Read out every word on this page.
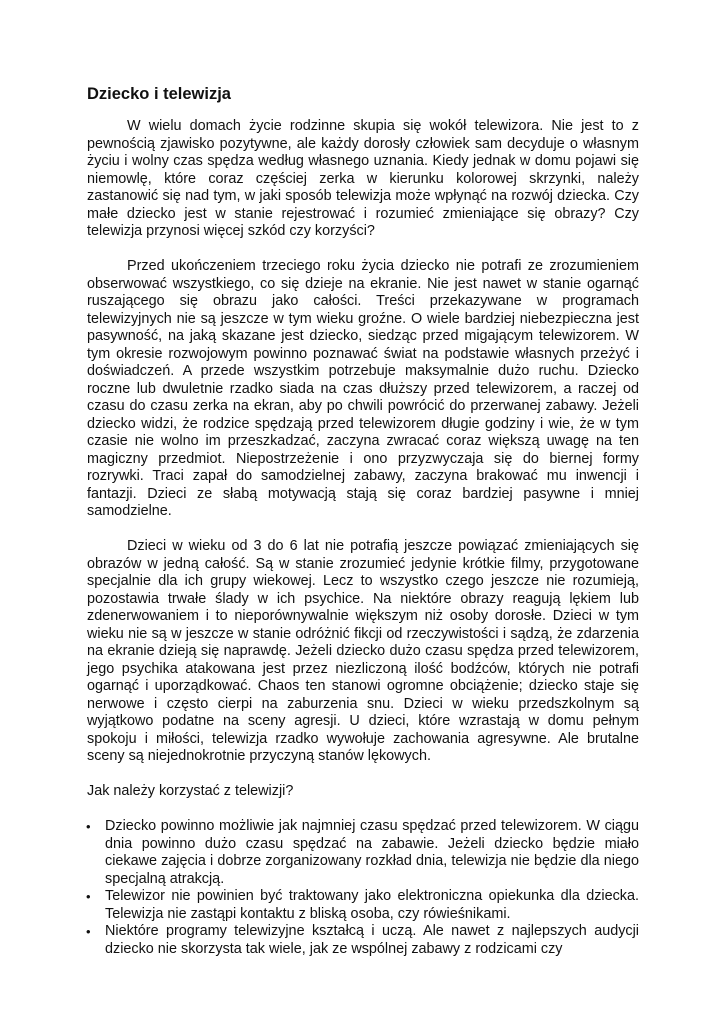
Dziecko i telewizja

W wielu domach życie rodzinne skupia się wokół telewizora. Nie jest to z pewnością zjawisko pozytywne, ale każdy dorosły człowiek sam decyduje o własnym życiu i wolny czas spędza według własnego uznania. Kiedy jednak w domu pojawi się niemowlę, które coraz częściej zerka w kierunku kolorowej skrzynki, należy zastanowić się nad tym, w jaki sposób telewizja może wpłynąć na rozwój dziecka. Czy małe dziecko jest w stanie rejestrować i rozumieć zmieniające się obrazy? Czy telewizja przynosi więcej szkód czy korzyści?

Przed ukończeniem trzeciego roku życia dziecko nie potrafi ze zrozumieniem obserwować wszystkiego, co się dzieje na ekranie. Nie jest nawet w stanie ogarnąć ruszającego się obrazu jako całości. Treści przekazywane w programach telewizyjnych nie są jeszcze w tym wieku groźne. O wiele bardziej niebezpieczna jest pasywność, na jaką skazane jest dziecko, siedząc przed migającym telewizorem. W tym okresie rozwojowym powinno poznawać świat na podstawie własnych przeżyć i doświadczeń. A przede wszystkim potrzebuje maksymalnie dużo ruchu. Dziecko roczne lub dwuletnie rzadko siada na czas dłuższy przed telewizorem, a raczej od czasu do czasu zerka na ekran, aby po chwili powrócić do przerwanej zabawy. Jeżeli dziecko widzi, że rodzice spędzają przed telewizorem długie godziny i wie, że w tym czasie nie wolno im przeszkadzać, zaczyna zwracać coraz większą uwagę na ten magiczny przedmiot. Niepostrzeżenie i ono przyzwyczaja się do biernej formy rozrywki. Traci zapał do samodzielnej zabawy, zaczyna brakować mu inwencji i fantazji. Dzieci ze słabą motywacją stają się coraz bardziej pasywne i mniej samodzielne.

Dzieci w wieku od 3 do 6 lat nie potrafią jeszcze powiązać zmieniających się obrazów w jedną całość. Są w stanie zrozumieć jedynie krótkie filmy, przygotowane specjalnie dla ich grupy wiekowej. Lecz to wszystko czego jeszcze nie rozumieją, pozostawia trwałe ślady w ich psychice. Na niektóre obrazy reagują lękiem lub zdenerwowaniem i to nieporównywalnie większym niż osoby dorosłe. Dzieci w tym wieku nie są w jeszcze w stanie odróżnić fikcji od rzeczywistości i sądzą, że zdarzenia na ekranie dzieją się naprawdę. Jeżeli dziecko dużo czasu spędza przed telewizorem, jego psychika atakowana jest przez niezliczoną ilość bodźców, których nie potrafi ogarnąć i uporządkować. Chaos ten stanowi ogromne obciążenie; dziecko staje się nerwowe i często cierpi na zaburzenia snu. Dzieci w wieku przedszkolnym są wyjątkowo podatne na sceny agresji. U dzieci, które wzrastają w domu pełnym spokoju i miłości, telewizja rzadko wywołuje zachowania agresywne. Ale brutalne sceny są niejednokrotnie przyczyną stanów lękowych.

Jak należy korzystać z telewizji?

• Dziecko powinno możliwie jak najmniej czasu spędzać przed telewizorem. W ciągu dnia powinno dużo czasu spędzać na zabawie. Jeżeli dziecko będzie miało ciekawe zajęcia i dobrze zorganizowany rozkład dnia, telewizja nie będzie dla niego specjalną atrakcją.
• Telewizor nie powinien być traktowany jako elektroniczna opiekunka dla dziecka. Telewizja nie zastąpi kontaktu z bliską osoba, czy rówieśnikami.
• Niektóre programy telewizyjne kształcą i uczą. Ale nawet z najlepszych audycji dziecko nie skorzysta tak wiele, jak ze wspólnej zabawy z rodzicami czy
